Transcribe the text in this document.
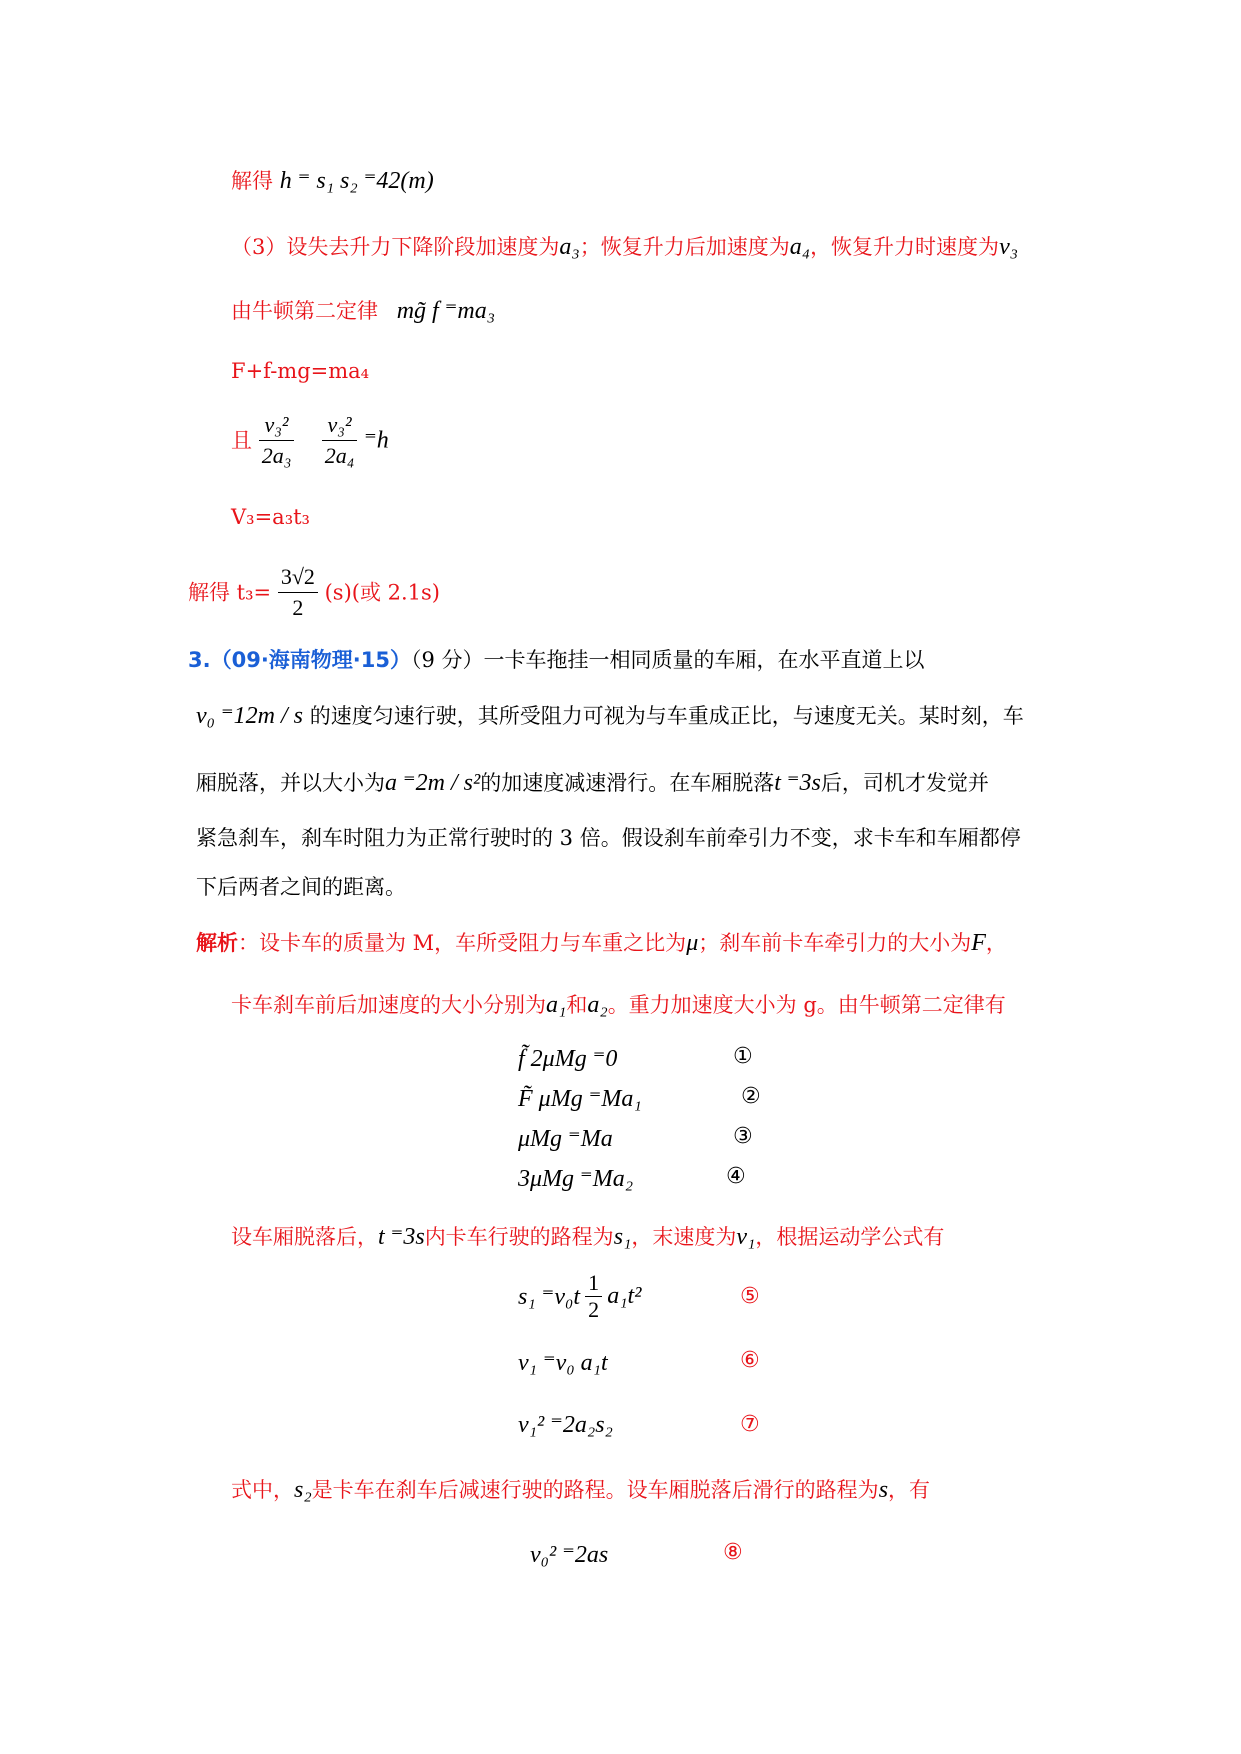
解得 h ⁼ s₁ s₂ ⁼42(m)
（3）设失去升力下降阶段加速度为a₃；恢复升力后加速度为a₄，恢复升力时速度为v₃
由牛顿第二定律 mg̃ f ⁼ma₃
F+f-mg=ma₄
且 $\frac{\text{v₃²}}{\text{2a₃}}$
$\frac{\text{v₃²}}{\text{2a₄}} ^=h$
V₃=a₃t₃
解得 $t_3= \frac{3√2}{2} (s)$(或 2.1s)
3.（09·海南物理·15）（9 分）一卡车拖挂一相同质量的车厢，在水平直道上以
v₀ ⁼12m / s 的速度匀速行驶，其所受阻力可视为与车重成正比，与速度无关。某时刻，车
厢脱落，并以大小为a ⁼2m / s²的加速度减速滑行。在车厢脱落t ⁼3s后，司机才发觉并
紧急刹车，刹车时阻力为正常行驶时的 3 倍。假设刹车前牵引力不变，求卡车和车厢都停
下后两者之间的距离。
解析：设卡车的质量为 M，车所受阻力与车重之比为μ；刹车前卡车牵引力的大小为F，
卡车刹车前后加速度的大小分别为a₁和a₂。重力加速度大小为 g。由牛顿第二定律有
f̃ 2μMg ⁼0	①
F̃ μMg ⁼Ma₁	②
μMg ⁼Ma	③
3μMg ⁼Ma₂	④
设车厢脱落后，t ⁼3s内卡车行驶的路程为s₁，末速度为v₁，根据运动学公式有
s₁ $^=v_0t \frac{1}{2} a_1t^2$	⑤
v₁ ⁼v₀ a₁t	⑥
v₁² ⁼2a₂s₂	⑦
式中，s₂是卡车在刹车后减速行驶的路程。设车厢脱落后滑行的路程为s，有
v₀² ⁼2as	⑧
